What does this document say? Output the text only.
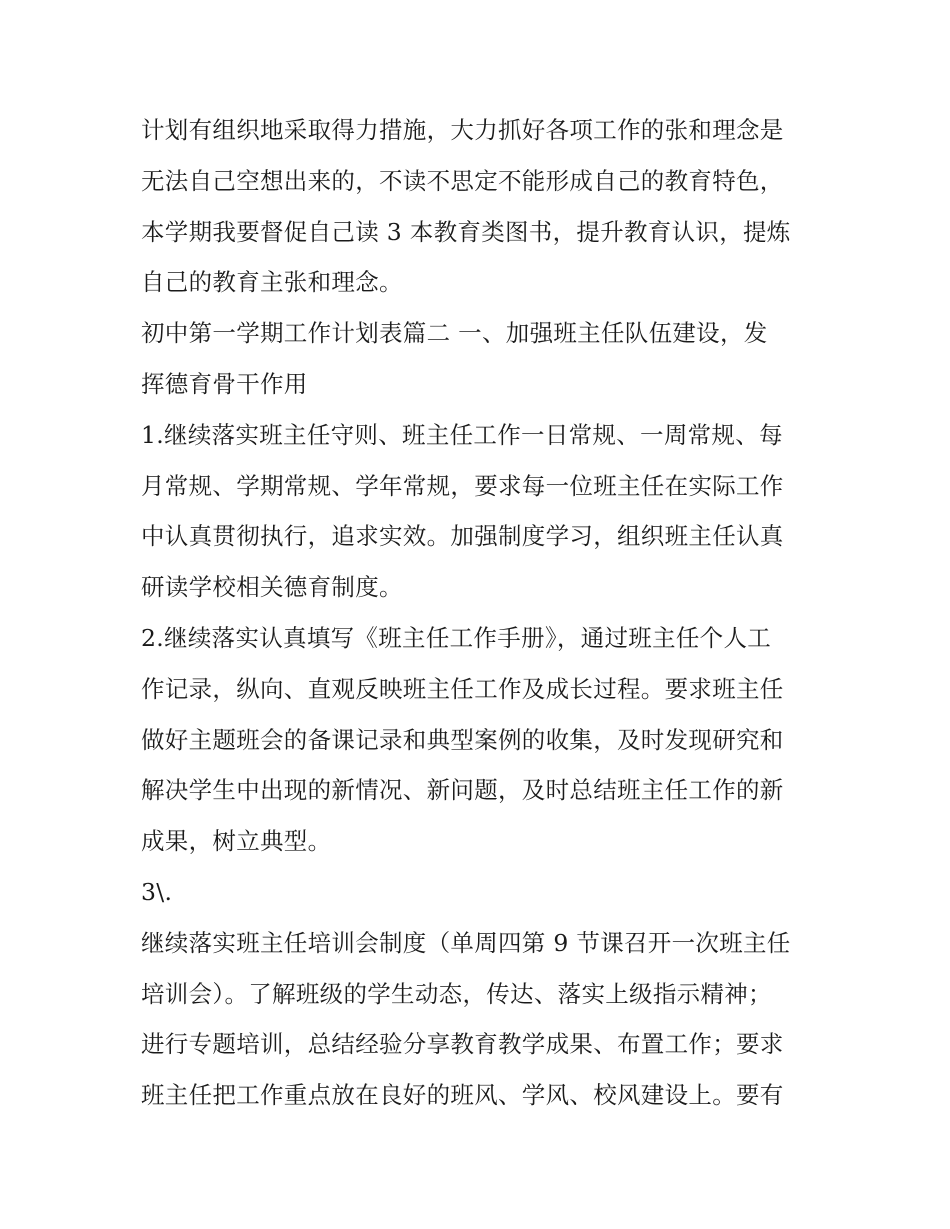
计划有组织地采取得力措施，大力抓好各项工作的张和理念是
无法自己空想出来的，不读不思定不能形成自己的教育特色，
本学期我要督促自己读 3 本教育类图书，提升教育认识，提炼
自己的教育主张和理念。
初中第一学期工作计划表篇二 一、加强班主任队伍建设，发
挥德育骨干作用
1.继续落实班主任守则、班主任工作一日常规、一周常规、每
月常规、学期常规、学年常规，要求每一位班主任在实际工作
中认真贯彻执行，追求实效。加强制度学习，组织班主任认真
研读学校相关德育制度。
2.继续落实认真填写《班主任工作手册》，通过班主任个人工
作记录，纵向、直观反映班主任工作及成长过程。要求班主任
做好主题班会的备课记录和典型案例的收集，及时发现研究和
解决学生中出现的新情况、新问题，及时总结班主任工作的新
成果，树立典型。
3\.
继续落实班主任培训会制度（单周四第 9 节课召开一次班主任
培训会）。了解班级的学生动态，传达、落实上级指示精神；
进行专题培训，总结经验分享教育教学成果、布置工作；要求
班主任把工作重点放在良好的班风、学风、校风建设上。要有
